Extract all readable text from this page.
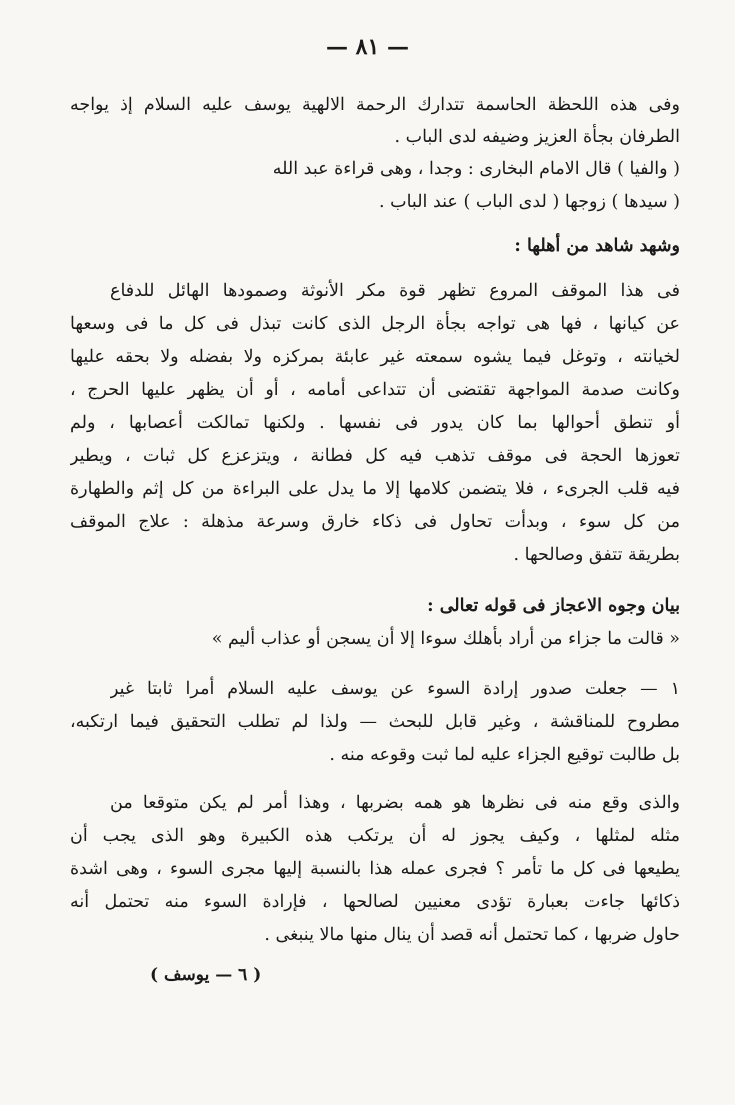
— ٨١ —
وفى هذه اللحظة الحاسمة تتدارك الرحمة الالهية يوسف عليه السلام إذ يواجه
الطرفان بجأة العزيز وضيفه لدى الباب .
( والفيا ) قال الامام البخارى : وجدا ، وهى قراءة عبد الله
( سيدها ) زوجها ( لدى الباب ) عند الباب .
وشهد شاهد من أهلها :
فى هذا الموقف المروع تظهر قوة مكر الأنوثة وصمودها الهائل للدفاع
عن كيانها ، فها هى تواجه بجأة الرجل الذى كانت تبذل فى كل ما فى وسعها
لخيانته ، وتوغل فيما يشوه سمعته غير عابئة بمركزه ولا بفضله ولا بحقه عليها
وكانت صدمة المواجهة تقتضى أن تتداعى أمامه ، أو أن يظهر عليها الحرج ،
أو تنطق أحوالها بما كان يدور فى نفسها . ولكنها تمالكت أعصابها ، ولم
تعوزها الحجة فى موقف تذهب فيه كل فطانة ، ويتزعزع كل ثبات ، ويطير
فيه قلب الجرىء ، فلا يتضمن كلامها إلا ما يدل على البراءة من كل إثم والطهارة
من كل سوء ، وبدأت تحاول فى ذكاء خارق وسرعة مذهلة : علاج الموقف
بطريقة تتفق وصالحها .
بيان وجوه الاعجاز فى قوله تعالى :
« قالت ما جزاء من أراد بأهلك سوءا إلا أن يسجن أو عذاب أليم »
١ — جعلت صدور إرادة السوء عن يوسف عليه السلام أمرا ثابتا غير
مطروح للمناقشة ، وغير قابل للبحث — ولذا لم تطلب التحقيق فيما ارتكبه،
بل طالبت توقيع الجزاء عليه لما ثبت وقوعه منه .
والذى وقع منه فى نظرها هو همه بضربها ، وهذا أمر لم يكن متوقعا من
مثله لمثلها ، وكيف يجوز له أن يرتكب هذه الكبيرة وهو الذى يجب أن
يطيعها فى كل ما تأمر ؟ فجرى عمله هذا بالنسبة إليها مجرى السوء ، وهى اشدة
ذكائها جاءت بعبارة تؤدى معنيين لصالحها ، فإرادة السوء منه تحتمل أنه
حاول ضربها ، كما تحتمل أنه قصد أن ينال منها مالا ينبغى .
( ٦ — يوسف )
